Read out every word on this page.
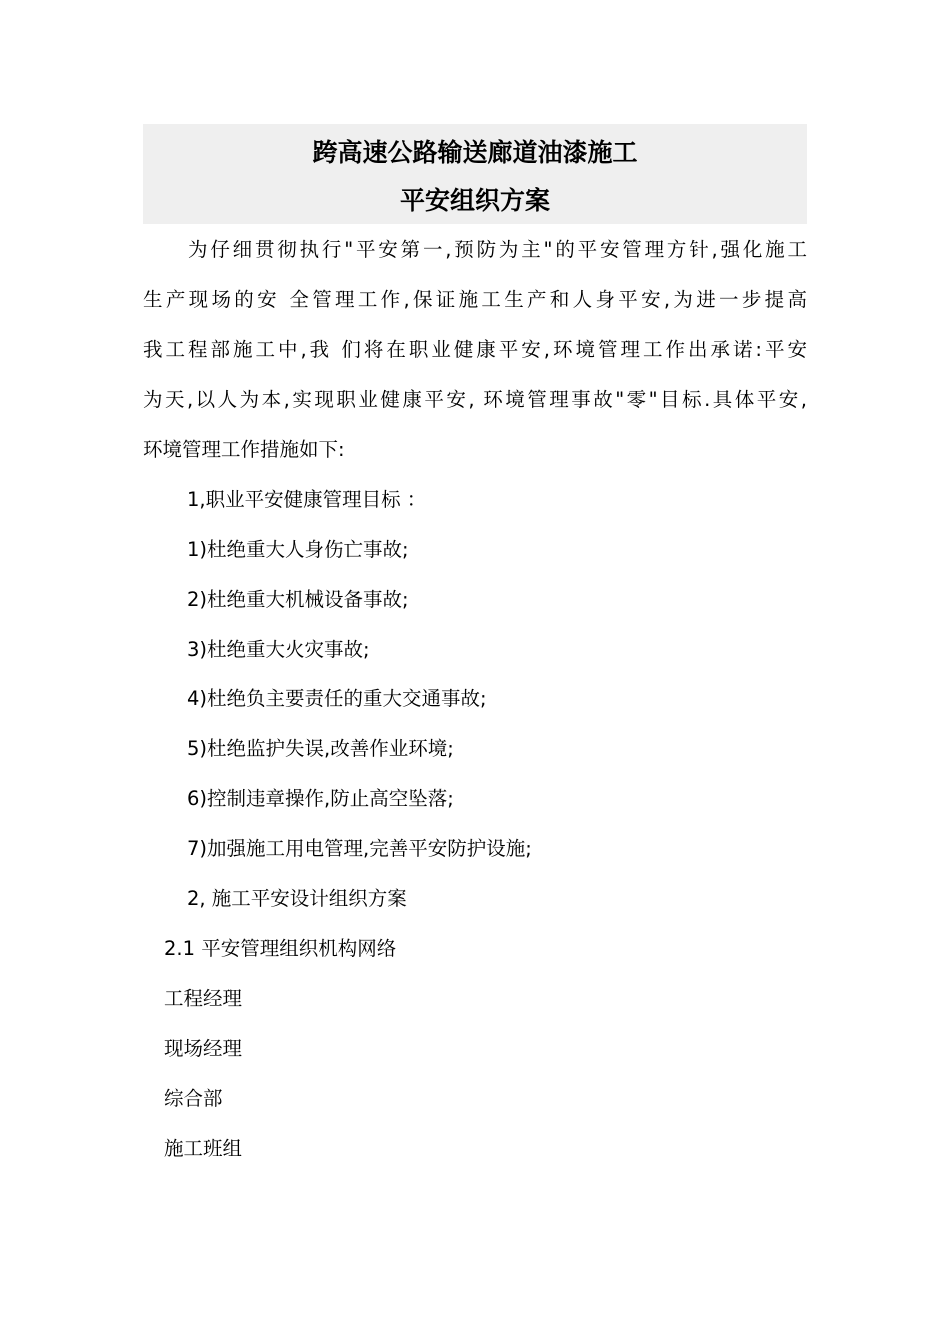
跨高速公路输送廊道油漆施工
平安组织方案
为仔细贯彻执行"平安第一,预防为主"的平安管理方针,强化施工
生产现场的安 全管理工作,保证施工生产和人身平安,为进一步提高
我工程部施工中,我 们将在职业健康平安,环境管理工作出承诺:平安
为天,以人为本,实现职业健康平安, 环境管理事故"零"目标.具体平安,
环境管理工作措施如下:
1,职业平安健康管理目标 ：
1)杜绝重大人身伤亡事故;
2)杜绝重大机械设备事故;
3)杜绝重大火灾事故;
4)杜绝负主要责任的重大交通事故;
5)杜绝监护失误,改善作业环境;
6)控制违章操作,防止高空坠落;
7)加强施工用电管理,完善平安防护设施;
2, 施工平安设计组织方案
2.1 平安管理组织机构网络
工程经理
现场经理
综合部
施工班组
